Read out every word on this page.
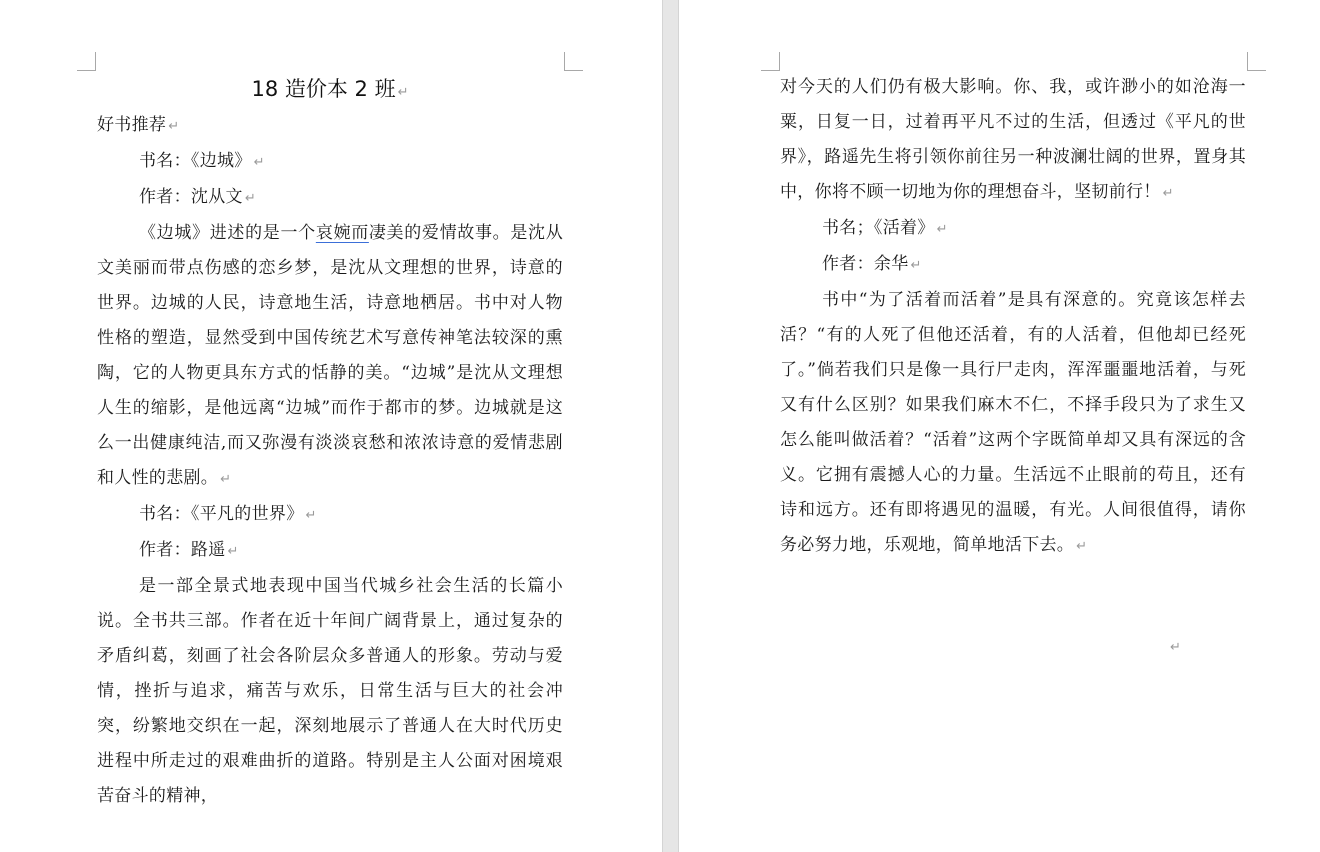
18 造价本 2 班 ↵

好书推荐 ↵

书名：《边城》 ↵

作者：沈从文 ↵

《边城》进述的是一个哀婉而凄美的爱情故事。是沈从文美丽而带点伤感的恋乡梦，是沈从文理想的世界，诗意的世界。边城的人民，诗意地生活，诗意地栖居。书中对人物性格的塑造，显然受到中国传统艺术写意传神笔法较深的熏陶，它的人物更具东方式的恬静的美。“边城”是沈从文理想人生的缩影，是他远离“边城”而作于都市的梦。边城就是这么一出健康纯洁,而又弥漫有淡淡哀愁和浓浓诗意的爱情悲剧和人性的悲剧。 ↵

书名：《平凡的世界》 ↵

作者：路遥 ↵

是一部全景式地表现中国当代城乡社会生活的长篇小说。全书共三部。作者在近十年间广阔背景上，通过复杂的矛盾纠葛，刻画了社会各阶层众多普通人的形象。劳动与爱情，挫折与追求，痛苦与欢乐，日常生活与巨大的社会冲突，纷繁地交织在一起，深刻地展示了普通人在大时代历史进程中所走过的艰难曲折的道路。特别是主人公面对困境艰苦奋斗的精神，

对今天的人们仍有极大影响。你、我，或许渺小的如沧海一粟，日复一日，过着再平凡不过的生活，但透过《平凡的世界》，路遥先生将引领你前往另一种波澜壮阔的世界，置身其中，你将不顾一切地为你的理想奋斗，坚韧前行！ ↵

书名；《活着》 ↵

作者：余华 ↵

书中“为了活着而活着”是具有深意的。究竟该怎样去活？“有的人死了但他还活着，有的人活着，但他却已经死了。”倘若我们只是像一具行尸走肉，浑浑噩噩地活着，与死又有什么区别？如果我们麻木不仁，不择手段只为了求生又怎么能叫做活着？“活着”这两个字既简单却又具有深远的含义。它拥有震撼人心的力量。生活远不止眼前的苟且，还有诗和远方。还有即将遇见的温暖，有光。人间很值得，请你务必努力地，乐观地，简单地活下去。 ↵

↵
